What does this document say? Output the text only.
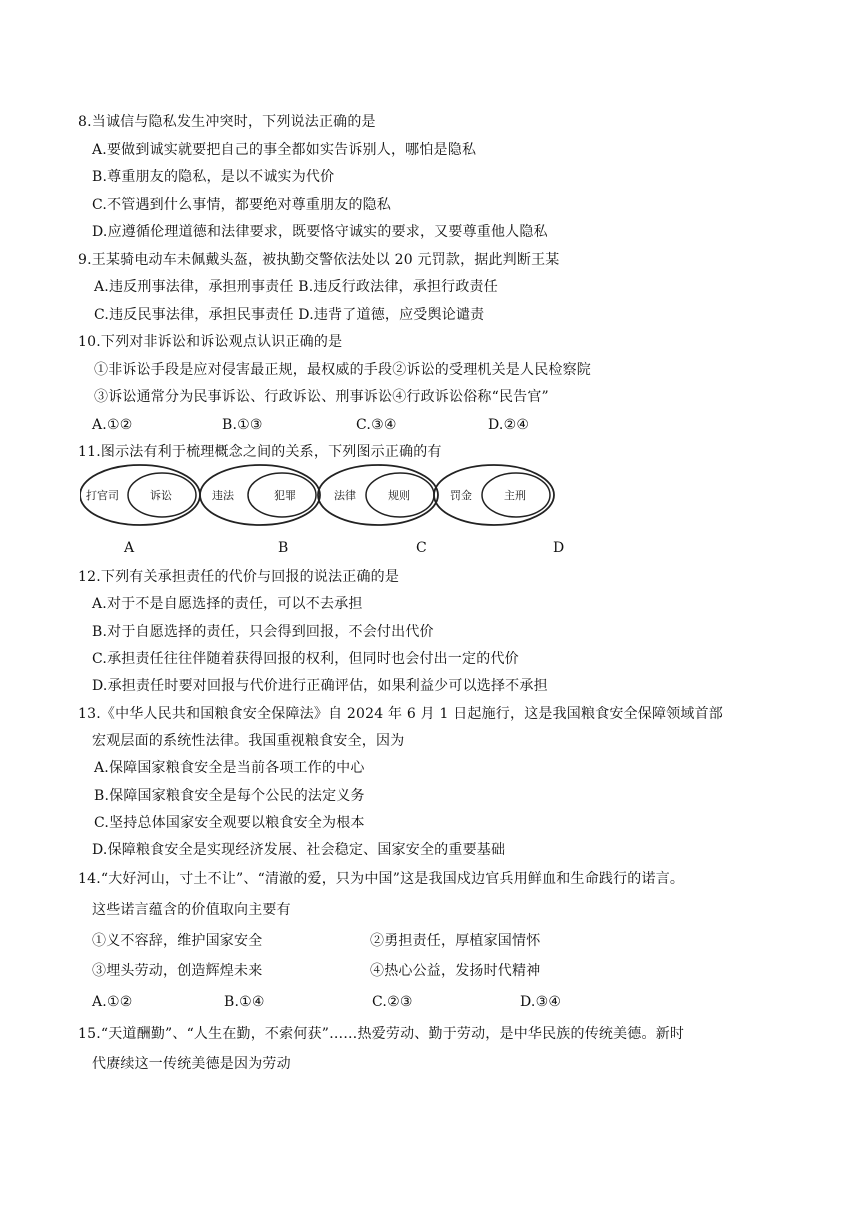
8.当诚信与隐私发生冲突时，下列说法正确的是
A.要做到诚实就要把自己的事全都如实告诉别人，哪怕是隐私
B.尊重朋友的隐私，是以不诚实为代价
C.不管遇到什么事情，都要绝对尊重朋友的隐私
D.应遵循伦理道德和法律要求，既要恪守诚实的要求，又要尊重他人隐私
9.王某骑电动车未佩戴头盔，被执勤交警依法处以 20 元罚款，据此判断王某
A.违反刑事法律，承担刑事责任 B.违反行政法律，承担行政责任
C.违反民事法律，承担民事责任 D.违背了道德，应受舆论谴责
10.下列对非诉讼和诉讼观点认识正确的是
①非诉讼手段是应对侵害最正规，最权威的手段②诉讼的受理机关是人民检察院
③诉讼通常分为民事诉讼、行政诉讼、刑事诉讼④行政诉讼俗称“民告官”
A.①②	B.①③	C.③④	D.②④
11.图示法有利于梳理概念之间的关系，下列图示正确的有
打官司	诉讼	违法	犯罪	法律	规则	罚金	主刑
A	B	C	D
12.下列有关承担责任的代价与回报的说法正确的是
A.对于不是自愿选择的责任，可以不去承担
B.对于自愿选择的责任，只会得到回报，不会付出代价
C.承担责任往往伴随着获得回报的权利，但同时也会付出一定的代价
D.承担责任时要对回报与代价进行正确评估，如果利益少可以选择不承担
13.《中华人民共和国粮食安全保障法》自 2024 年 6 月 1 日起施行，这是我国粮食安全保障领域首部
宏观层面的系统性法律。我国重视粮食安全，因为
A.保障国家粮食安全是当前各项工作的中心
B.保障国家粮食安全是每个公民的法定义务
C.坚持总体国家安全观要以粮食安全为根本
D.保障粮食安全是实现经济发展、社会稳定、国家安全的重要基础
14.“大好河山，寸土不让”、“清澈的爱，只为中国”这是我国戍边官兵用鲜血和生命践行的诺言。
这些诺言蕴含的价值取向主要有
①义不容辞，维护国家安全	②勇担责任，厚植家国情怀
③埋头劳动，创造辉煌未来	④热心公益，发扬时代精神
A.①②	B.①④	C.②③	D.③④
15.“天道酬勤”、“人生在勤，不索何获”……热爱劳动、勤于劳动，是中华民族的传统美德。新时
代赓续这一传统美德是因为劳动
